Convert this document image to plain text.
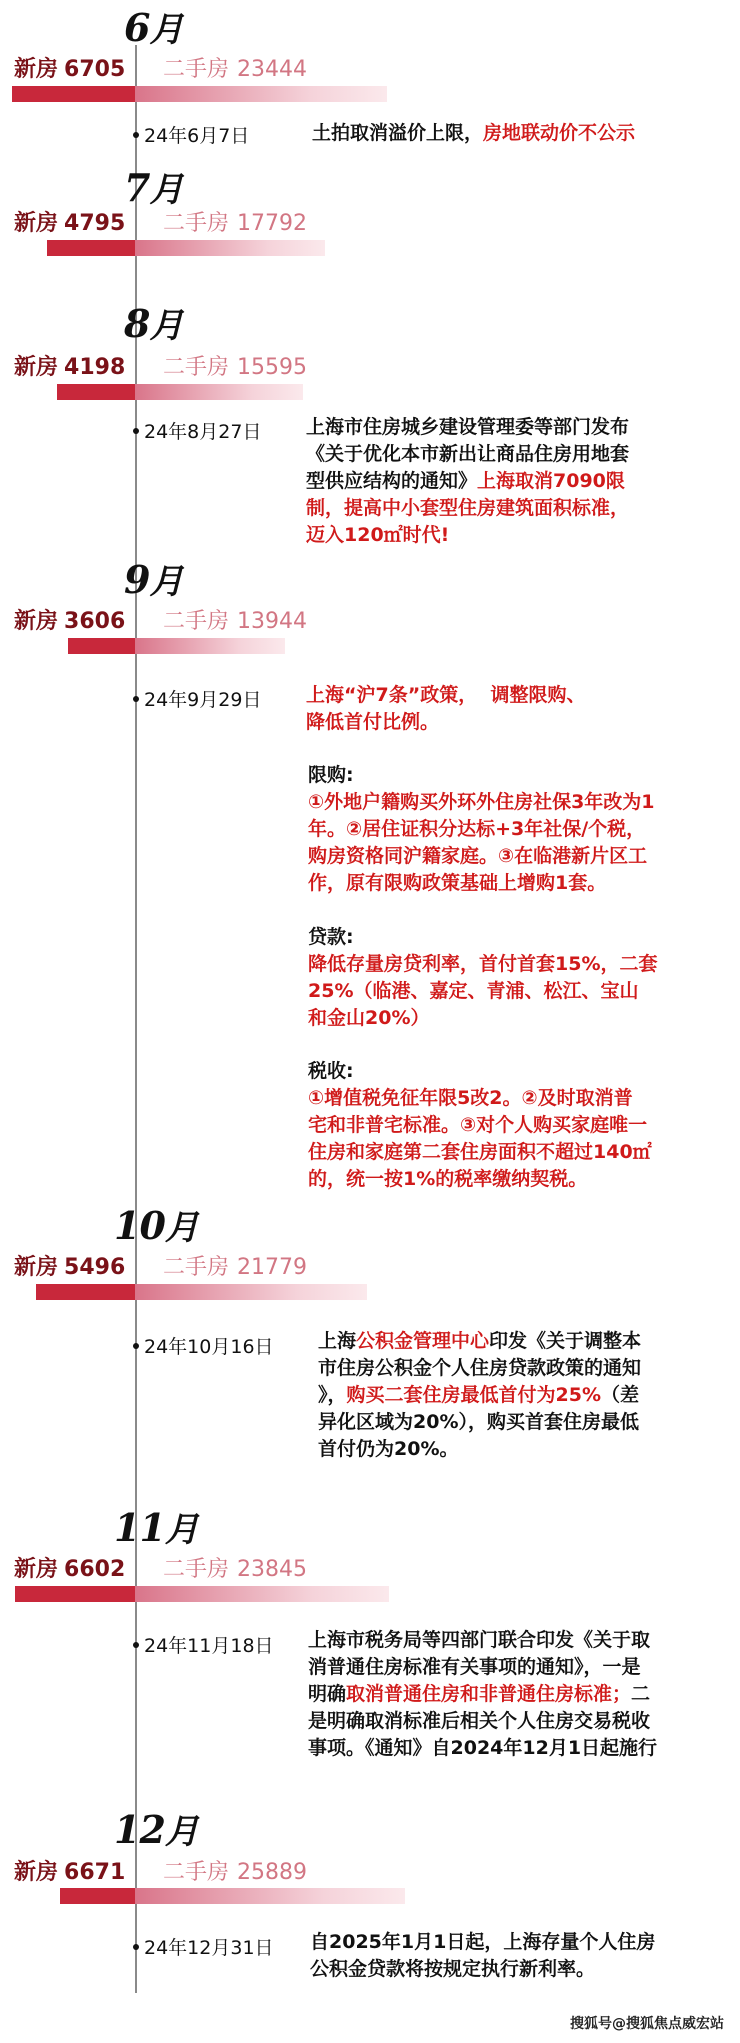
6月
新房 6705 二手房 23444
24年6月7日	土拍取消溢价上限，房地联动价不公示
7月
新房 4795 二手房 17792
8月
新房 4198 二手房 15595
24年8月27日 上海市住房城乡建设管理委等部门发布
《关于优化本市新出让商品住房用地套
型供应结构的通知》上海取消7090限
制，提高中小套型住房建筑面积标准，
迈入120㎡时代!
9月
新房 3606 二手房 13944
24年9月29日 上海“沪7条”政策， 调整限购、
降低首付比例。
限购:
①外地户籍购买外环外住房社保3年改为1
年。②居住证积分达标+3年社保/个税，
购房资格同沪籍家庭。③在临港新片区工
作，原有限购政策基础上增购1套。
贷款:
降低存量房贷利率，首付首套15%，二套
25%（临港、嘉定、青浦、松江、宝山
和金山20%）
税收:
①增值税免征年限5改2。②及时取消普
宅和非普宅标准。③对个人购买家庭唯一
住房和家庭第二套住房面积不超过140㎡
的，统一按1%的税率缴纳契税。
10月
新房 5496 二手房 21779
24年10月16日 上海公积金管理中心印发《关于调整本
市住房公积金个人住房贷款政策的通知
》，购买二套住房最低首付为25%（差
异化区域为20%），购买首套住房最低
首付仍为20%。
11月
新房 6602 二手房 23845
24年11月18日 上海市税务局等四部门联合印发《关于取
消普通住房标准有关事项的通知》，一是
明确取消普通住房和非普通住房标准；二
是明确取消标准后相关个人住房交易税收
事项。《通知》自2024年12月1日起施行
12月
新房 6671 二手房 25889
24年12月31日 自2025年1月1日起，上海存量个人住房
公积金贷款将按规定执行新利率。
搜狐号@搜狐焦点威宏站
